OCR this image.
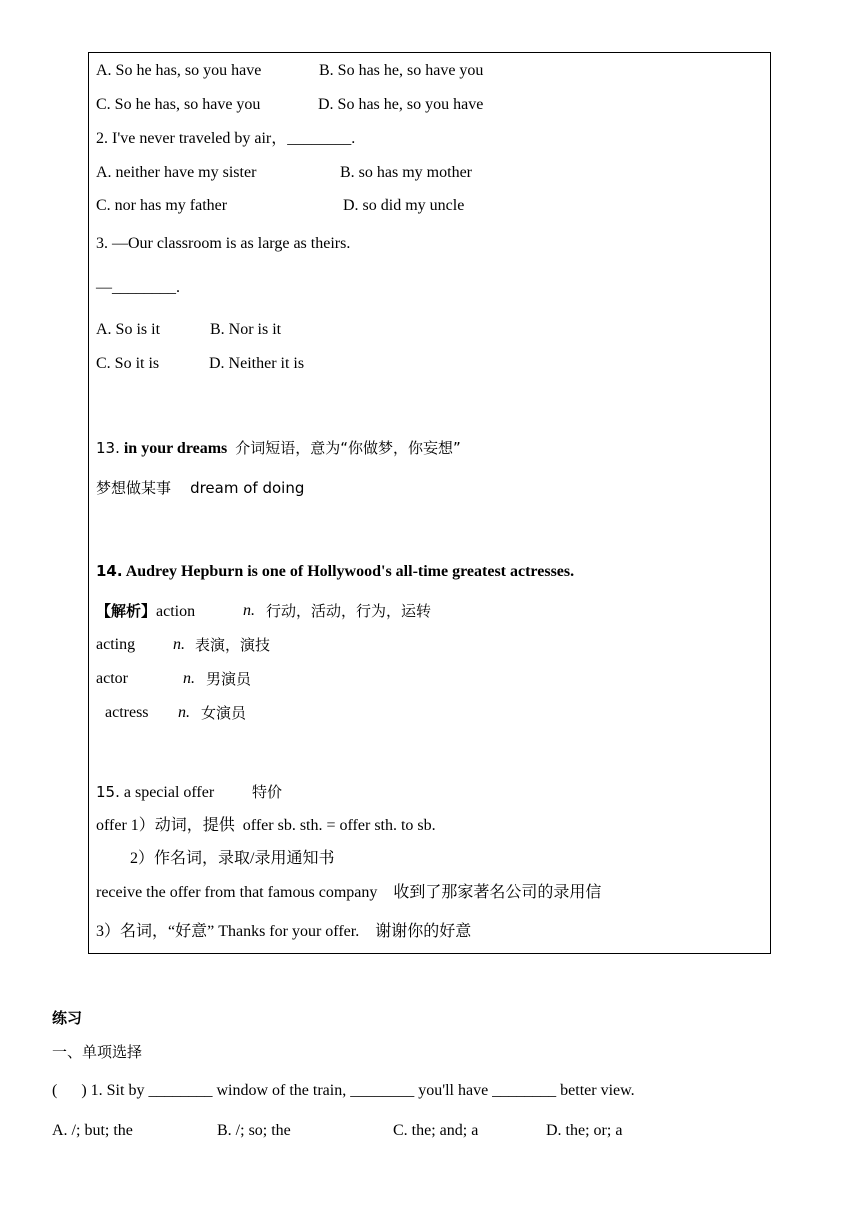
A. So he has, so you have	B. So has he, so have you
C. So he has, so have you	D. So has he, so you have
2. I've never traveled by air，________.
A. neither have my sister	B. so has my mother
C. nor has my father	D. so did my uncle
3. —Our classroom is as large as theirs.
—________.
A. So is it	B. Nor is it
C. So it is	D. Neither it is
13. in your dreams 介词短语，意为“你做梦，你妄想”
梦想做某事    dream of doing
14. Audrey Hepburn is one of Hollywood's all-time greatest actresses.
【解析】action	n. 行动，活动，行为，运转
acting n. 表演，演技
actor	n. 男演员
actress n. 女演员
15. a special offer	特价
offer 1）动词，提供  offer sb. sth. = offer sth. to sb.
2）作名词，录取/录用通知书
receive the offer from that famous company    收到了那家著名公司的录用信
3）名词，“好意” Thanks for your offer.    谢谢你的好意
练习
一、单项选择
(      ) 1. Sit by ________ window of the train, ________ you'll have ________ better view.
A. /; but; the	B. /; so; the	C. the; and; a	D. the; or; a
